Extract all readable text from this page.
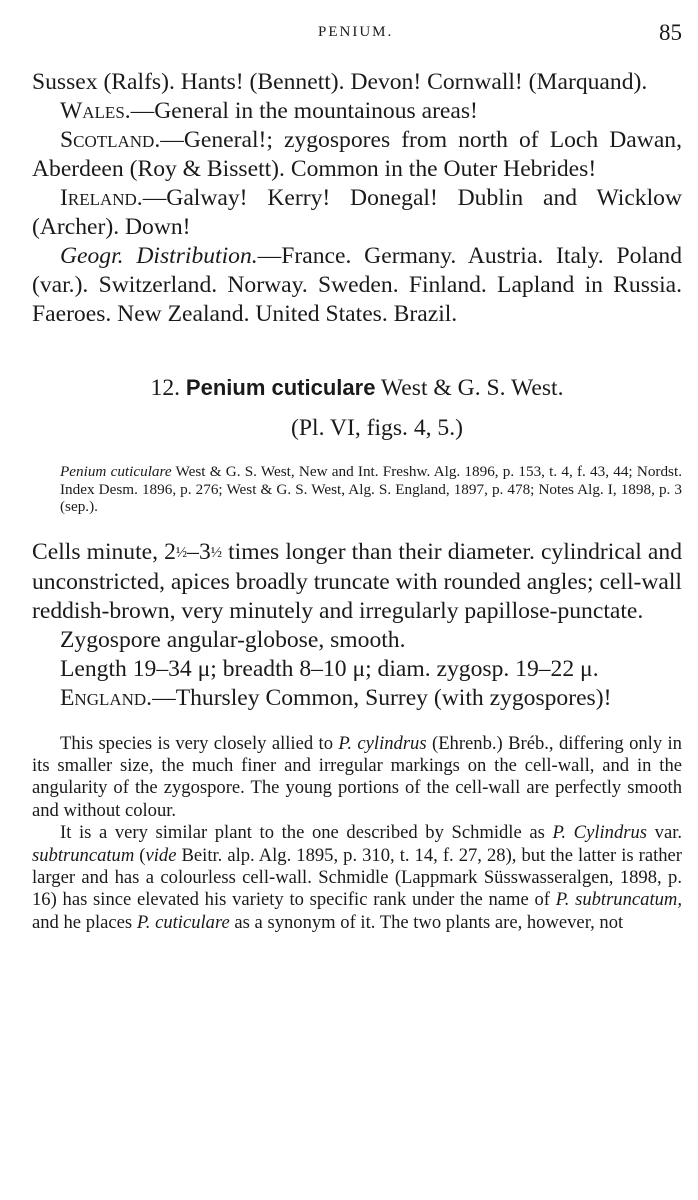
PENIUM.	85

Sussex (Ralfs). Hants! (Bennett). Devon! Cornwall! (Marquand).

Wales.—General in the mountainous areas!

Scotland.—General!; zygospores from north of Loch Dawan, Aberdeen (Roy & Bissett). Common in the Outer Hebrides!

Ireland.—Galway! Kerry! Donegal! Dublin and Wicklow (Archer). Down!

Geogr. Distribution.—France. Germany. Austria. Italy. Poland (var.). Switzerland. Norway. Sweden. Finland. Lapland in Russia. Faeroes. New Zealand. United States. Brazil.

12. Penium cuticulare West & G. S. West.

(Pl. VI, figs. 4, 5.)

Penium cuticulare West & G. S. West, New and Int. Freshw. Alg. 1896, p. 153, t. 4, f. 43, 44; Nordst. Index Desm. 1896, p. 276; West & G. S. West, Alg. S. England, 1897, p. 478; Notes Alg. I, 1898, p. 3 (sep.).

Cells minute, 2½–3½ times longer than their diameter. cylindrical and unconstricted, apices broadly truncate with rounded angles; cell-wall reddish-brown, very minutely and irregularly papillose-punctate.

Zygospore angular-globose, smooth.

Length 19–34 μ; breadth 8–10 μ; diam. zygosp. 19–22 μ.

England.—Thursley Common, Surrey (with zygospores)!

This species is very closely allied to P. cylindrus (Ehrenb.) Bréb., differing only in its smaller size, the much finer and irregular markings on the cell-wall, and in the angularity of the zygospore. The young portions of the cell-wall are perfectly smooth and without colour.

It is a very similar plant to the one described by Schmidle as P. Cylindrus var. subtruncatum (vide Beitr. alp. Alg. 1895, p. 310, t. 14, f. 27, 28), but the latter is rather larger and has a colourless cell-wall. Schmidle (Lappmark Süsswasseralgen, 1898, p. 16) has since elevated his variety to specific rank under the name of P. subtruncatum, and he places P. cuticulare as a synonym of it. The two plants are, however, not
